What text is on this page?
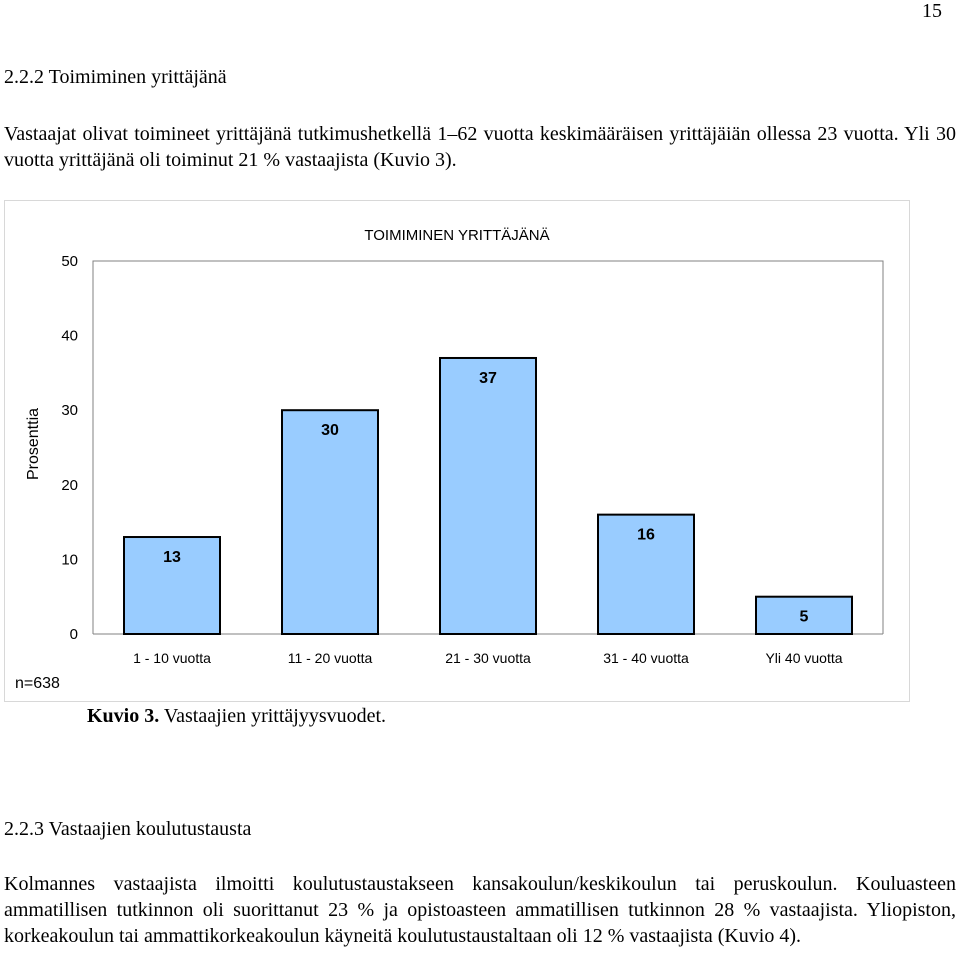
15
2.2.2 Toimiminen yrittäjänä

Vastaajat olivat toimineet yrittäjänä tutkimushetkellä 1–62 vuotta keskimääräisen yrittäjäiän ollessa 23 vuotta. Yli 30 vuotta yrittäjänä oli toiminut 21 % vastaajista (Kuvio 3).

TOIMIMINEN YRITTÄJÄNÄ
Prosenttia
n=638
0
10
20
30
40
50
13
1 - 10 vuotta
30
11 - 20 vuotta
37
21 - 30 vuotta
16
31 - 40 vuotta
5
Yli 40 vuotta

Kuvio 3. Vastaajien yrittäjyysvuodet.

2.2.3 Vastaajien koulutustausta

Kolmannes vastaajista ilmoitti koulutustaustakseen kansakoulun/keskikoulun tai peruskoulun. Kouluasteen ammatillisen tutkinnon oli suorittanut 23 % ja opistoasteen ammatillisen tutkinnon 28 % vastaajista. Yliopiston, korkeakoulun tai ammattikorkeakoulun käyneitä koulutustaustaltaan oli 12 % vastaajista (Kuvio 4).
